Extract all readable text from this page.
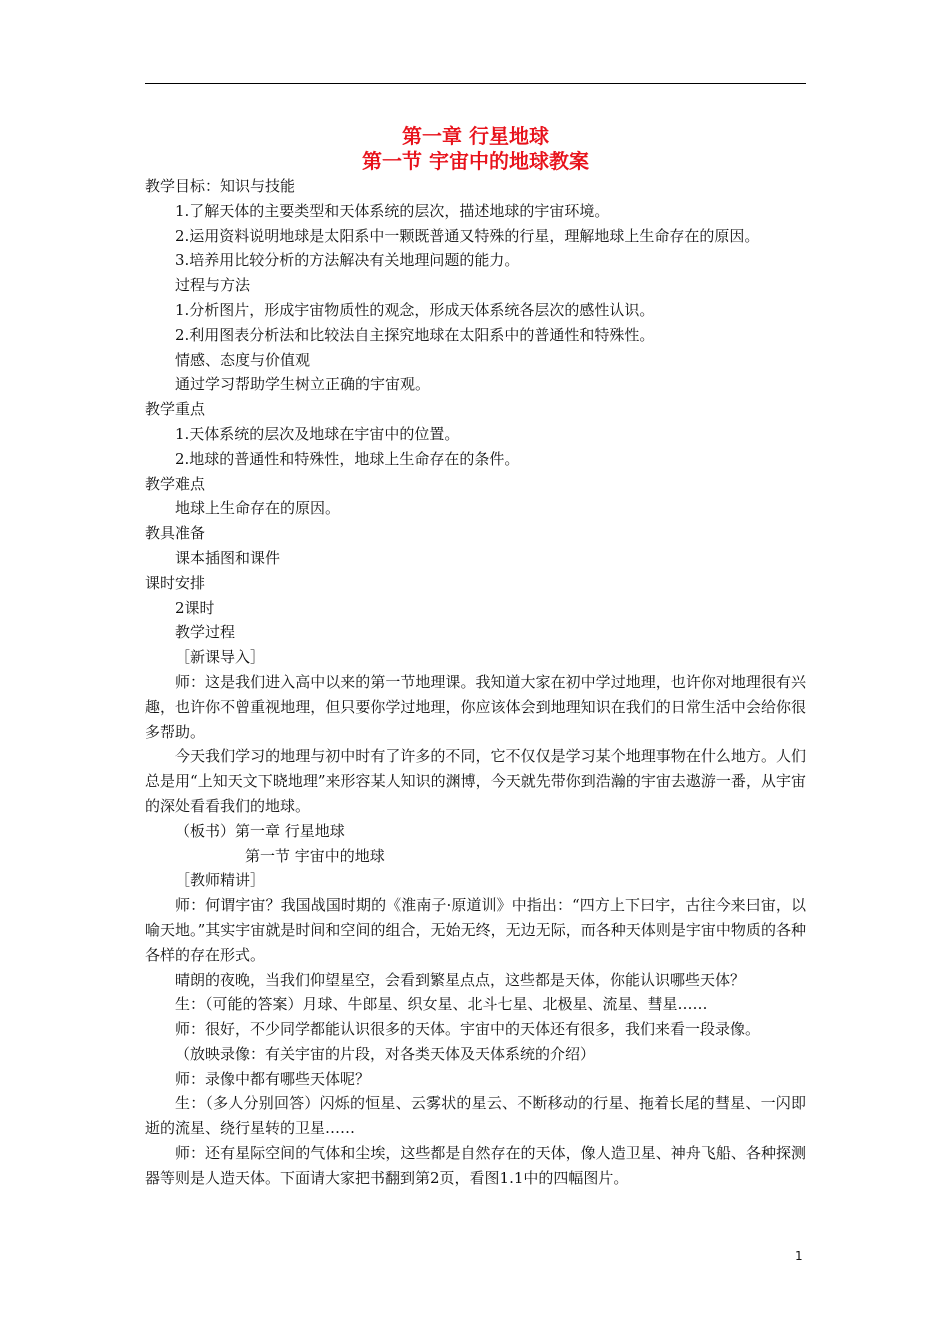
第一章 行星地球
第一节 宇宙中的地球教案

教学目标：知识与技能

1.了解天体的主要类型和天体系统的层次，描述地球的宇宙环境。

2.运用资料说明地球是太阳系中一颗既普通又特殊的行星，理解地球上生命存在的原因。

3.培养用比较分析的方法解决有关地理问题的能力。

过程与方法

1.分析图片，形成宇宙物质性的观念，形成天体系统各层次的感性认识。

2.利用图表分析法和比较法自主探究地球在太阳系中的普通性和特殊性。

情感、态度与价值观

通过学习帮助学生树立正确的宇宙观。

教学重点

1.天体系统的层次及地球在宇宙中的位置。

2.地球的普通性和特殊性，地球上生命存在的条件。

教学难点

地球上生命存在的原因。

教具准备

课本插图和课件

课时安排

2课时

教学过程

［新课导入］

师：这是我们进入高中以来的第一节地理课。我知道大家在初中学过地理，也许你对地理很有兴趣，也许你不曾重视地理，但只要你学过地理，你应该体会到地理知识在我们的日常生活中会给你很多帮助。

今天我们学习的地理与初中时有了许多的不同，它不仅仅是学习某个地理事物在什么地方。人们总是用“上知天文下晓地理”来形容某人知识的渊博，今天就先带你到浩瀚的宇宙去遨游一番，从宇宙的深处看看我们的地球。

（板书）第一章 行星地球

第一节 宇宙中的地球

［教师精讲］

师：何谓宇宙？我国战国时期的《淮南子·原道训》中指出：“四方上下曰宇，古往今来曰宙，以喻天地。”其实宇宙就是时间和空间的组合，无始无终，无边无际，而各种天体则是宇宙中物质的各种各样的存在形式。

晴朗的夜晚，当我们仰望星空，会看到繁星点点，这些都是天体，你能认识哪些天体？

生：（可能的答案）月球、牛郎星、织女星、北斗七星、北极星、流星、彗星……

师：很好，不少同学都能认识很多的天体。宇宙中的天体还有很多，我们来看一段录像。

（放映录像：有关宇宙的片段，对各类天体及天体系统的介绍）

师：录像中都有哪些天体呢？

生：（多人分别回答）闪烁的恒星、云雾状的星云、不断移动的行星、拖着长尾的彗星、一闪即逝的流星、绕行星转的卫星……

师：还有星际空间的气体和尘埃，这些都是自然存在的天体，像人造卫星、神舟飞船、各种探测器等则是人造天体。下面请大家把书翻到第2页，看图1.1中的四幅图片。

1
